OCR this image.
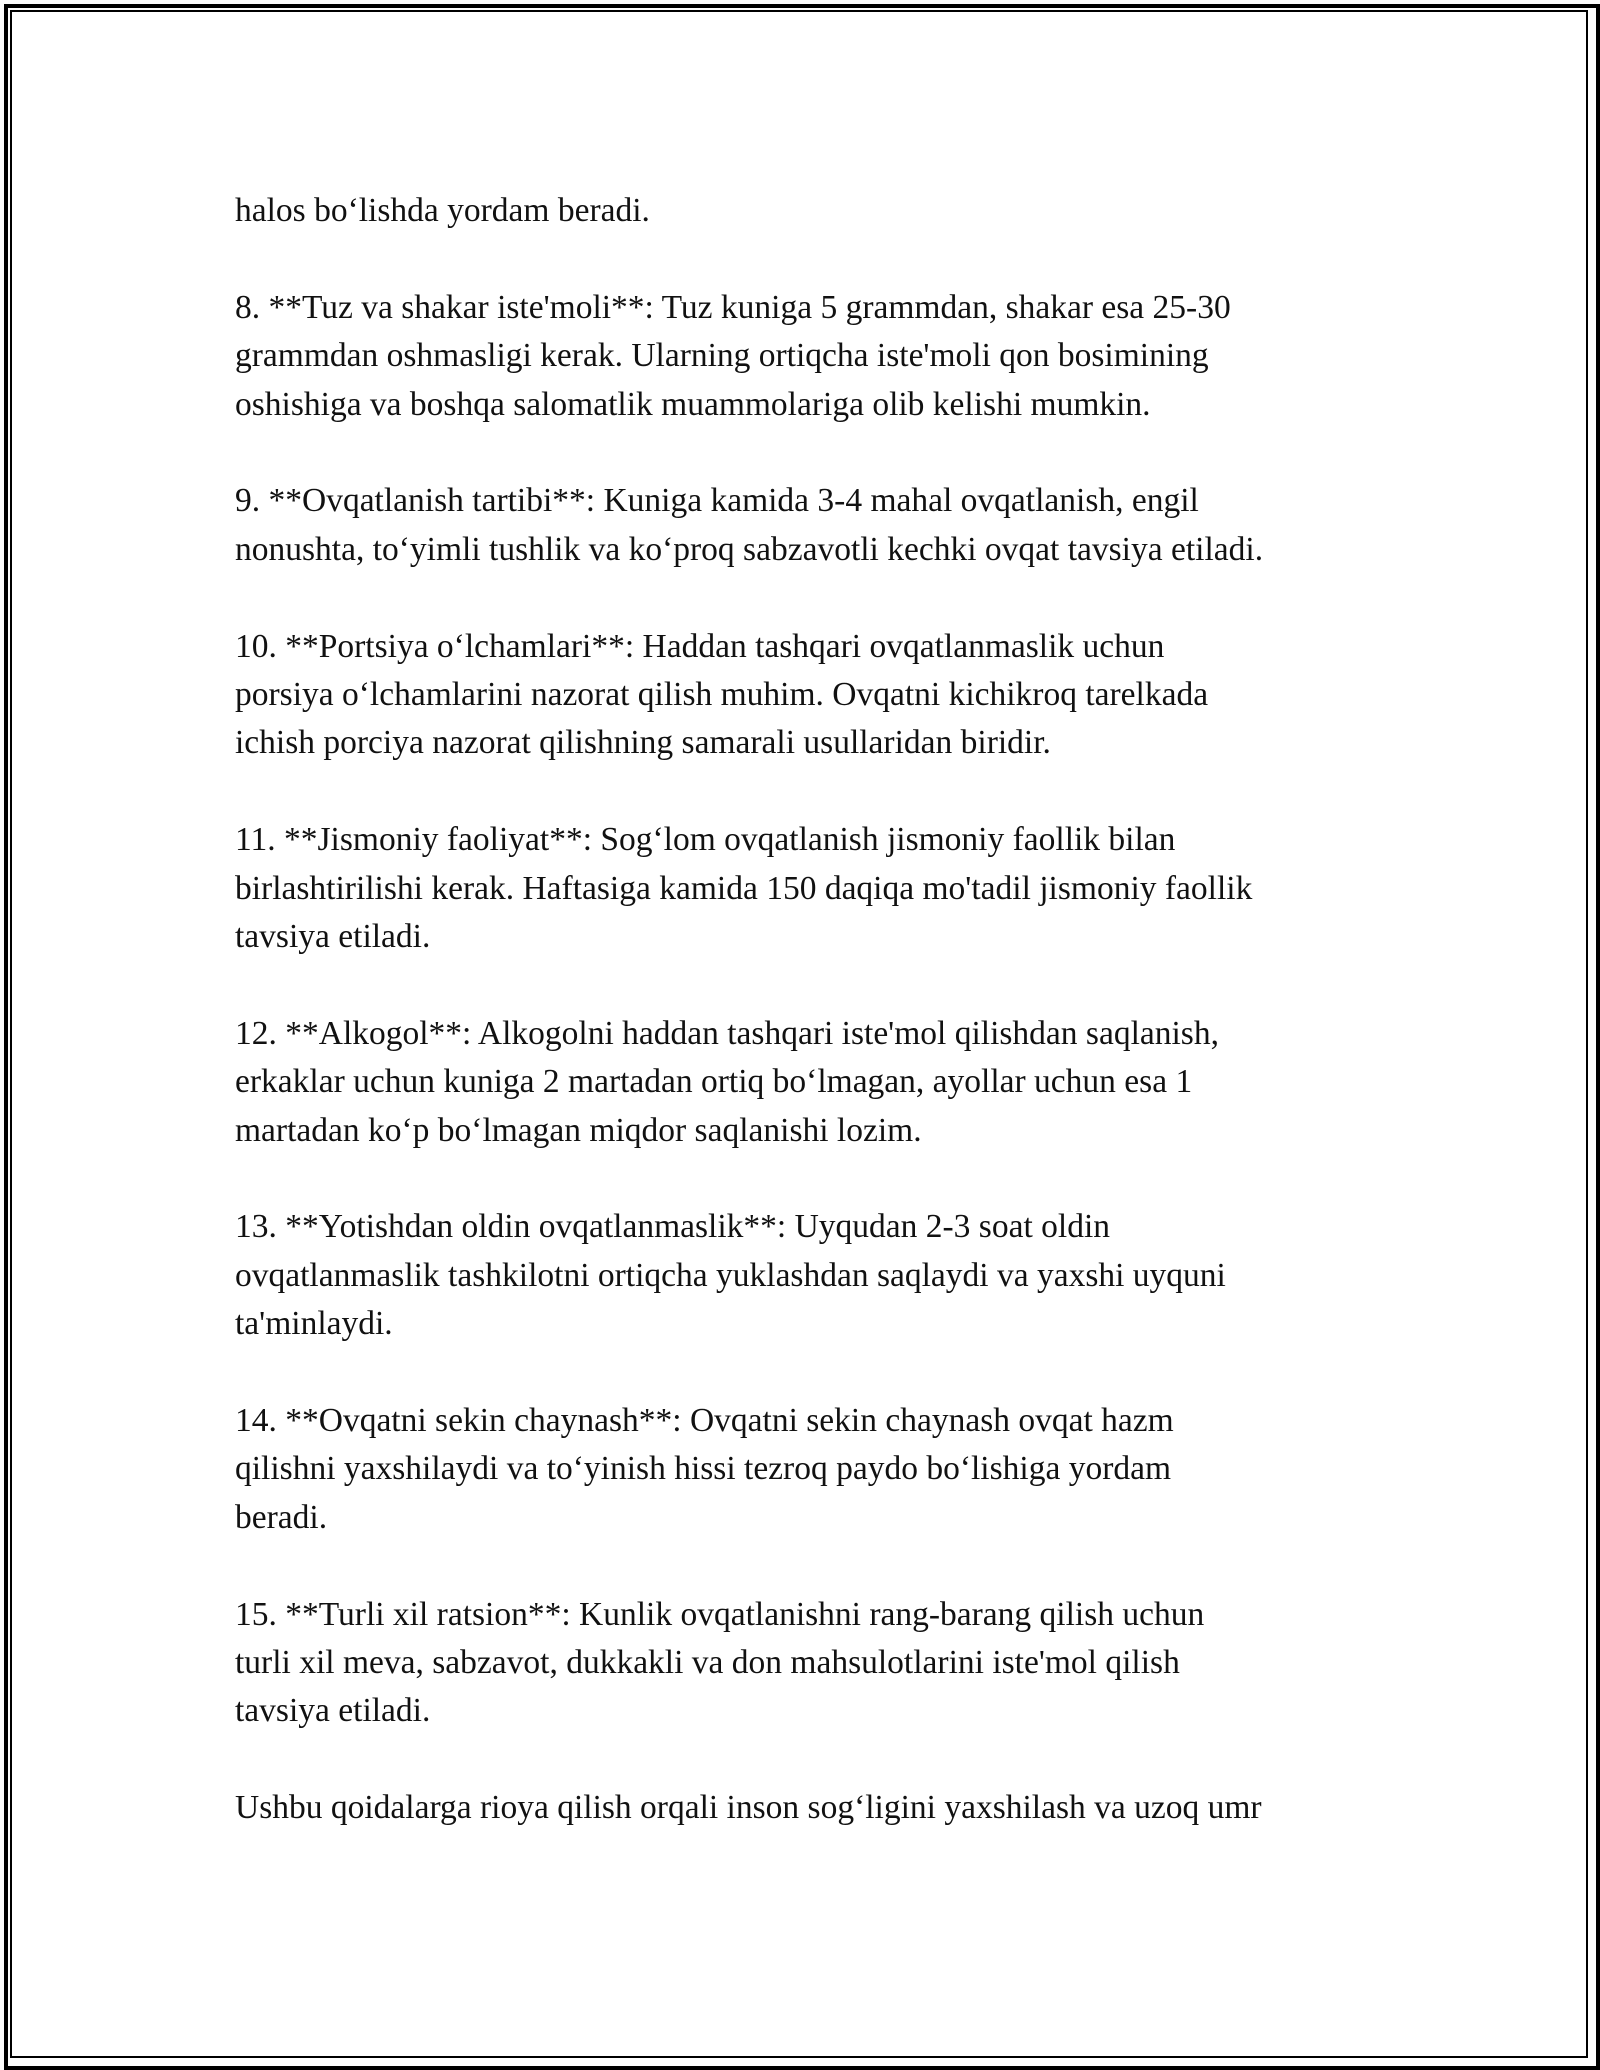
halos bo‘lishda yordam beradi.

8. **Tuz va shakar iste'moli**: Tuz kuniga 5 grammdan, shakar esa 25-30
grammdan oshmasligi kerak. Ularning ortiqcha iste'moli qon bosimining
oshishiga va boshqa salomatlik muammolariga olib kelishi mumkin.

9. **Ovqatlanish tartibi**: Kuniga kamida 3-4 mahal ovqatlanish, engil
nonushta, to‘yimli tushlik va ko‘proq sabzavotli kechki ovqat tavsiya etiladi.

10. **Portsiya o‘lchamlari**: Haddan tashqari ovqatlanmaslik uchun
porsiya o‘lchamlarini nazorat qilish muhim. Ovqatni kichikroq tarelkada
ichish porciya nazorat qilishning samarali usullaridan biridir.

11. **Jismoniy faoliyat**: Sog‘lom ovqatlanish jismoniy faollik bilan
birlashtirilishi kerak. Haftasiga kamida 150 daqiqa mo'tadil jismoniy faollik
tavsiya etiladi.

12. **Alkogol**: Alkogolni haddan tashqari iste'mol qilishdan saqlanish,
erkaklar uchun kuniga 2 martadan ortiq bo‘lmagan, ayollar uchun esa 1
martadan ko‘p bo‘lmagan miqdor saqlanishi lozim.

13. **Yotishdan oldin ovqatlanmaslik**: Uyqudan 2-3 soat oldin
ovqatlanmaslik tashkilotni ortiqcha yuklashdan saqlaydi va yaxshi uyquni
ta'minlaydi.

14. **Ovqatni sekin chaynash**: Ovqatni sekin chaynash ovqat hazm
qilishni yaxshilaydi va to‘yinish hissi tezroq paydo bo‘lishiga yordam
beradi.

15. **Turli xil ratsion**: Kunlik ovqatlanishni rang-barang qilish uchun
turli xil meva, sabzavot, dukkakli va don mahsulotlarini iste'mol qilish
tavsiya etiladi.

Ushbu qoidalarga rioya qilish orqali inson sog‘ligini yaxshilash va uzoq umr
